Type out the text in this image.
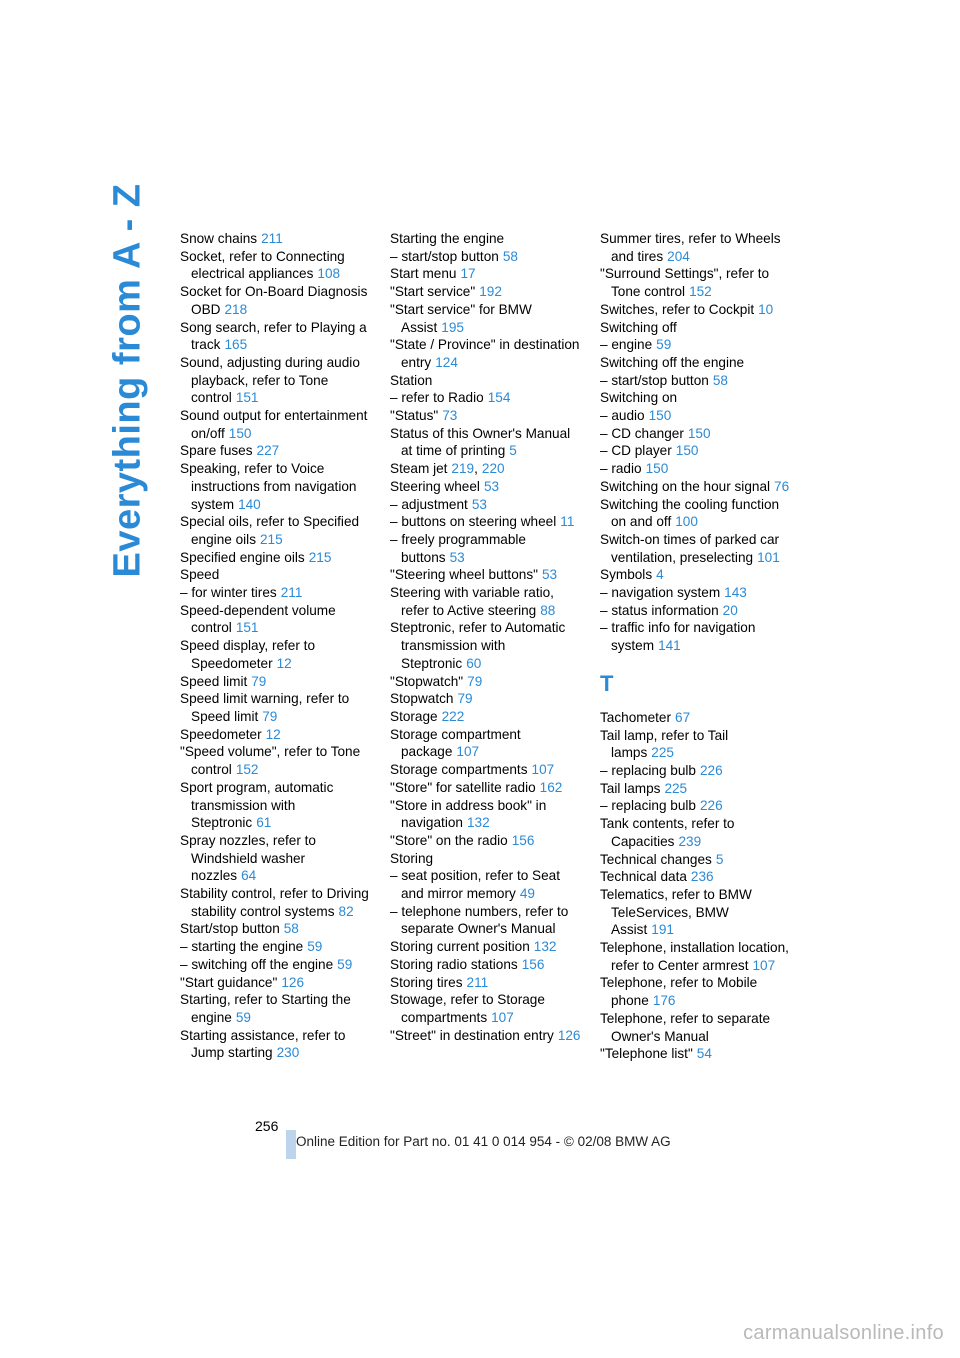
Everything from A - Z Snow chains 211

Socket, refer to Connecting electrical appliances 108

Socket for On-Board Diagnosis OBD 218

Song search, refer to Playing a track 165

Sound, adjusting during audio playback, refer to Tone control 151

Sound output for entertainment on/off 150

Spare fuses 227

Speaking, refer to Voice instructions from navigation system 140

Special oils, refer to Specified engine oils 215

Specified engine oils 215

Speed

– for winter tires 211

Speed-dependent volume control 151

Speed display, refer to Speedometer 12

Speed limit 79

Speed limit warning, refer to Speed limit 79

Speedometer 12

"Speed volume", refer to Tone control 152

Sport program, automatic transmission with Steptronic 61

Spray nozzles, refer to Windshield washer nozzles 64

Stability control, refer to Driving stability control systems 82

Start/stop button 58

– starting the engine 59

– switching off the engine 59

"Start guidance" 126

Starting, refer to Starting the engine 59

Starting assistance, refer to Jump starting 230

Starting the engine

– start/stop button 58

Start menu 17

"Start service" 192

"Start service" for BMW Assist 195

"State / Province" in destination entry 124

Station

– refer to Radio 154

"Status" 73

Status of this Owner's Manual at time of printing 5

Steam jet 219, 220

Steering wheel 53

– adjustment 53

– buttons on steering wheel 11

– freely programmable buttons 53

"Steering wheel buttons" 53

Steering with variable ratio, refer to Active steering 88

Steptronic, refer to Automatic transmission with Steptronic 60

"Stopwatch" 79

Stopwatch 79

Storage 222

Storage compartment package 107

Storage compartments 107

"Store" for satellite radio 162

"Store in address book" in navigation 132

"Store" on the radio 156

Storing

– seat position, refer to Seat and mirror memory 49

– telephone numbers, refer to separate Owner's Manual

Storing current position 132

Storing radio stations 156

Storing tires 211

Stowage, refer to Storage compartments 107

"Street" in destination entry 126

Summer tires, refer to Wheels and tires 204

"Surround Settings", refer to Tone control 152

Switches, refer to Cockpit 10

Switching off

– engine 59

Switching off the engine

– start/stop button 58

Switching on

– audio 150

– CD changer 150

– CD player 150

– radio 150

Switching on the hour signal 76

Switching the cooling function on and off 100

Switch-on times of parked car ventilation, preselecting 101

Symbols 4

– navigation system 143

– status information 20

– traffic info for navigation system 141

T

Tachometer 67

Tail lamp, refer to Tail lamps 225

– replacing bulb 226

Tail lamps 225

– replacing bulb 226

Tank contents, refer to Capacities 239

Technical changes 5

Technical data 236

Telematics, refer to BMW TeleServices, BMW Assist 191

Telephone, installation location, refer to Center armrest 107

Telephone, refer to Mobile phone 176

Telephone, refer to separate Owner's Manual

"Telephone list" 54

256
Online Edition for Part no. 01 41 0 014 954 - © 02/08 BMW AG
carmanualsonline.info
